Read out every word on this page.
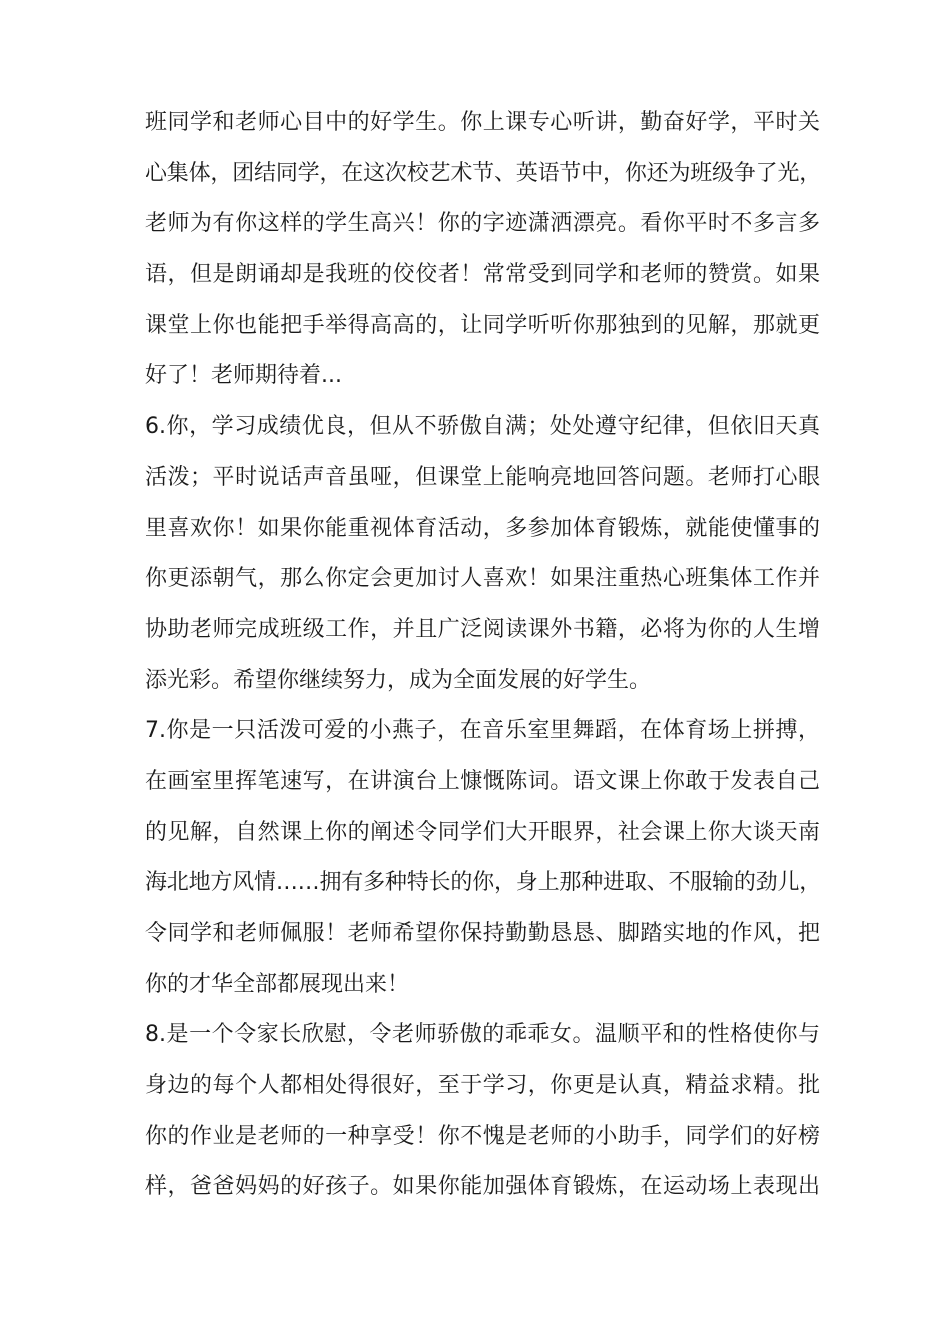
班同学和老师心目中的好学生。你上课专心听讲，勤奋好学，平时关
心集体，团结同学，在这次校艺术节、英语节中，你还为班级争了光，
老师为有你这样的学生高兴！你的字迹潇洒漂亮。看你平时不多言多
语，但是朗诵却是我班的佼佼者！常常受到同学和老师的赞赏。如果
课堂上你也能把手举得高高的，让同学听听你那独到的见解，那就更
好了！老师期待着...
6.你，学习成绩优良，但从不骄傲自满；处处遵守纪律，但依旧天真
活泼；平时说话声音虽哑，但课堂上能响亮地回答问题。老师打心眼
里喜欢你！如果你能重视体育活动，多参加体育锻炼，就能使懂事的
你更添朝气，那么你定会更加讨人喜欢！如果注重热心班集体工作并
协助老师完成班级工作，并且广泛阅读课外书籍，必将为你的人生增
添光彩。希望你继续努力，成为全面发展的好学生。
7.你是一只活泼可爱的小燕子，在音乐室里舞蹈，在体育场上拼搏，
在画室里挥笔速写，在讲演台上慷慨陈词。语文课上你敢于发表自己
的见解，自然课上你的阐述令同学们大开眼界，社会课上你大谈天南
海北地方风情……拥有多种特长的你，身上那种进取、不服输的劲儿，
令同学和老师佩服！老师希望你保持勤勤恳恳、脚踏实地的作风，把
你的才华全部都展现出来！
8.是一个令家长欣慰，令老师骄傲的乖乖女。温顺平和的性格使你与
身边的每个人都相处得很好，至于学习，你更是认真，精益求精。批
你的作业是老师的一种享受！你不愧是老师的小助手，同学们的好榜
样，爸爸妈妈的好孩子。如果你能加强体育锻炼，在运动场上表现出
